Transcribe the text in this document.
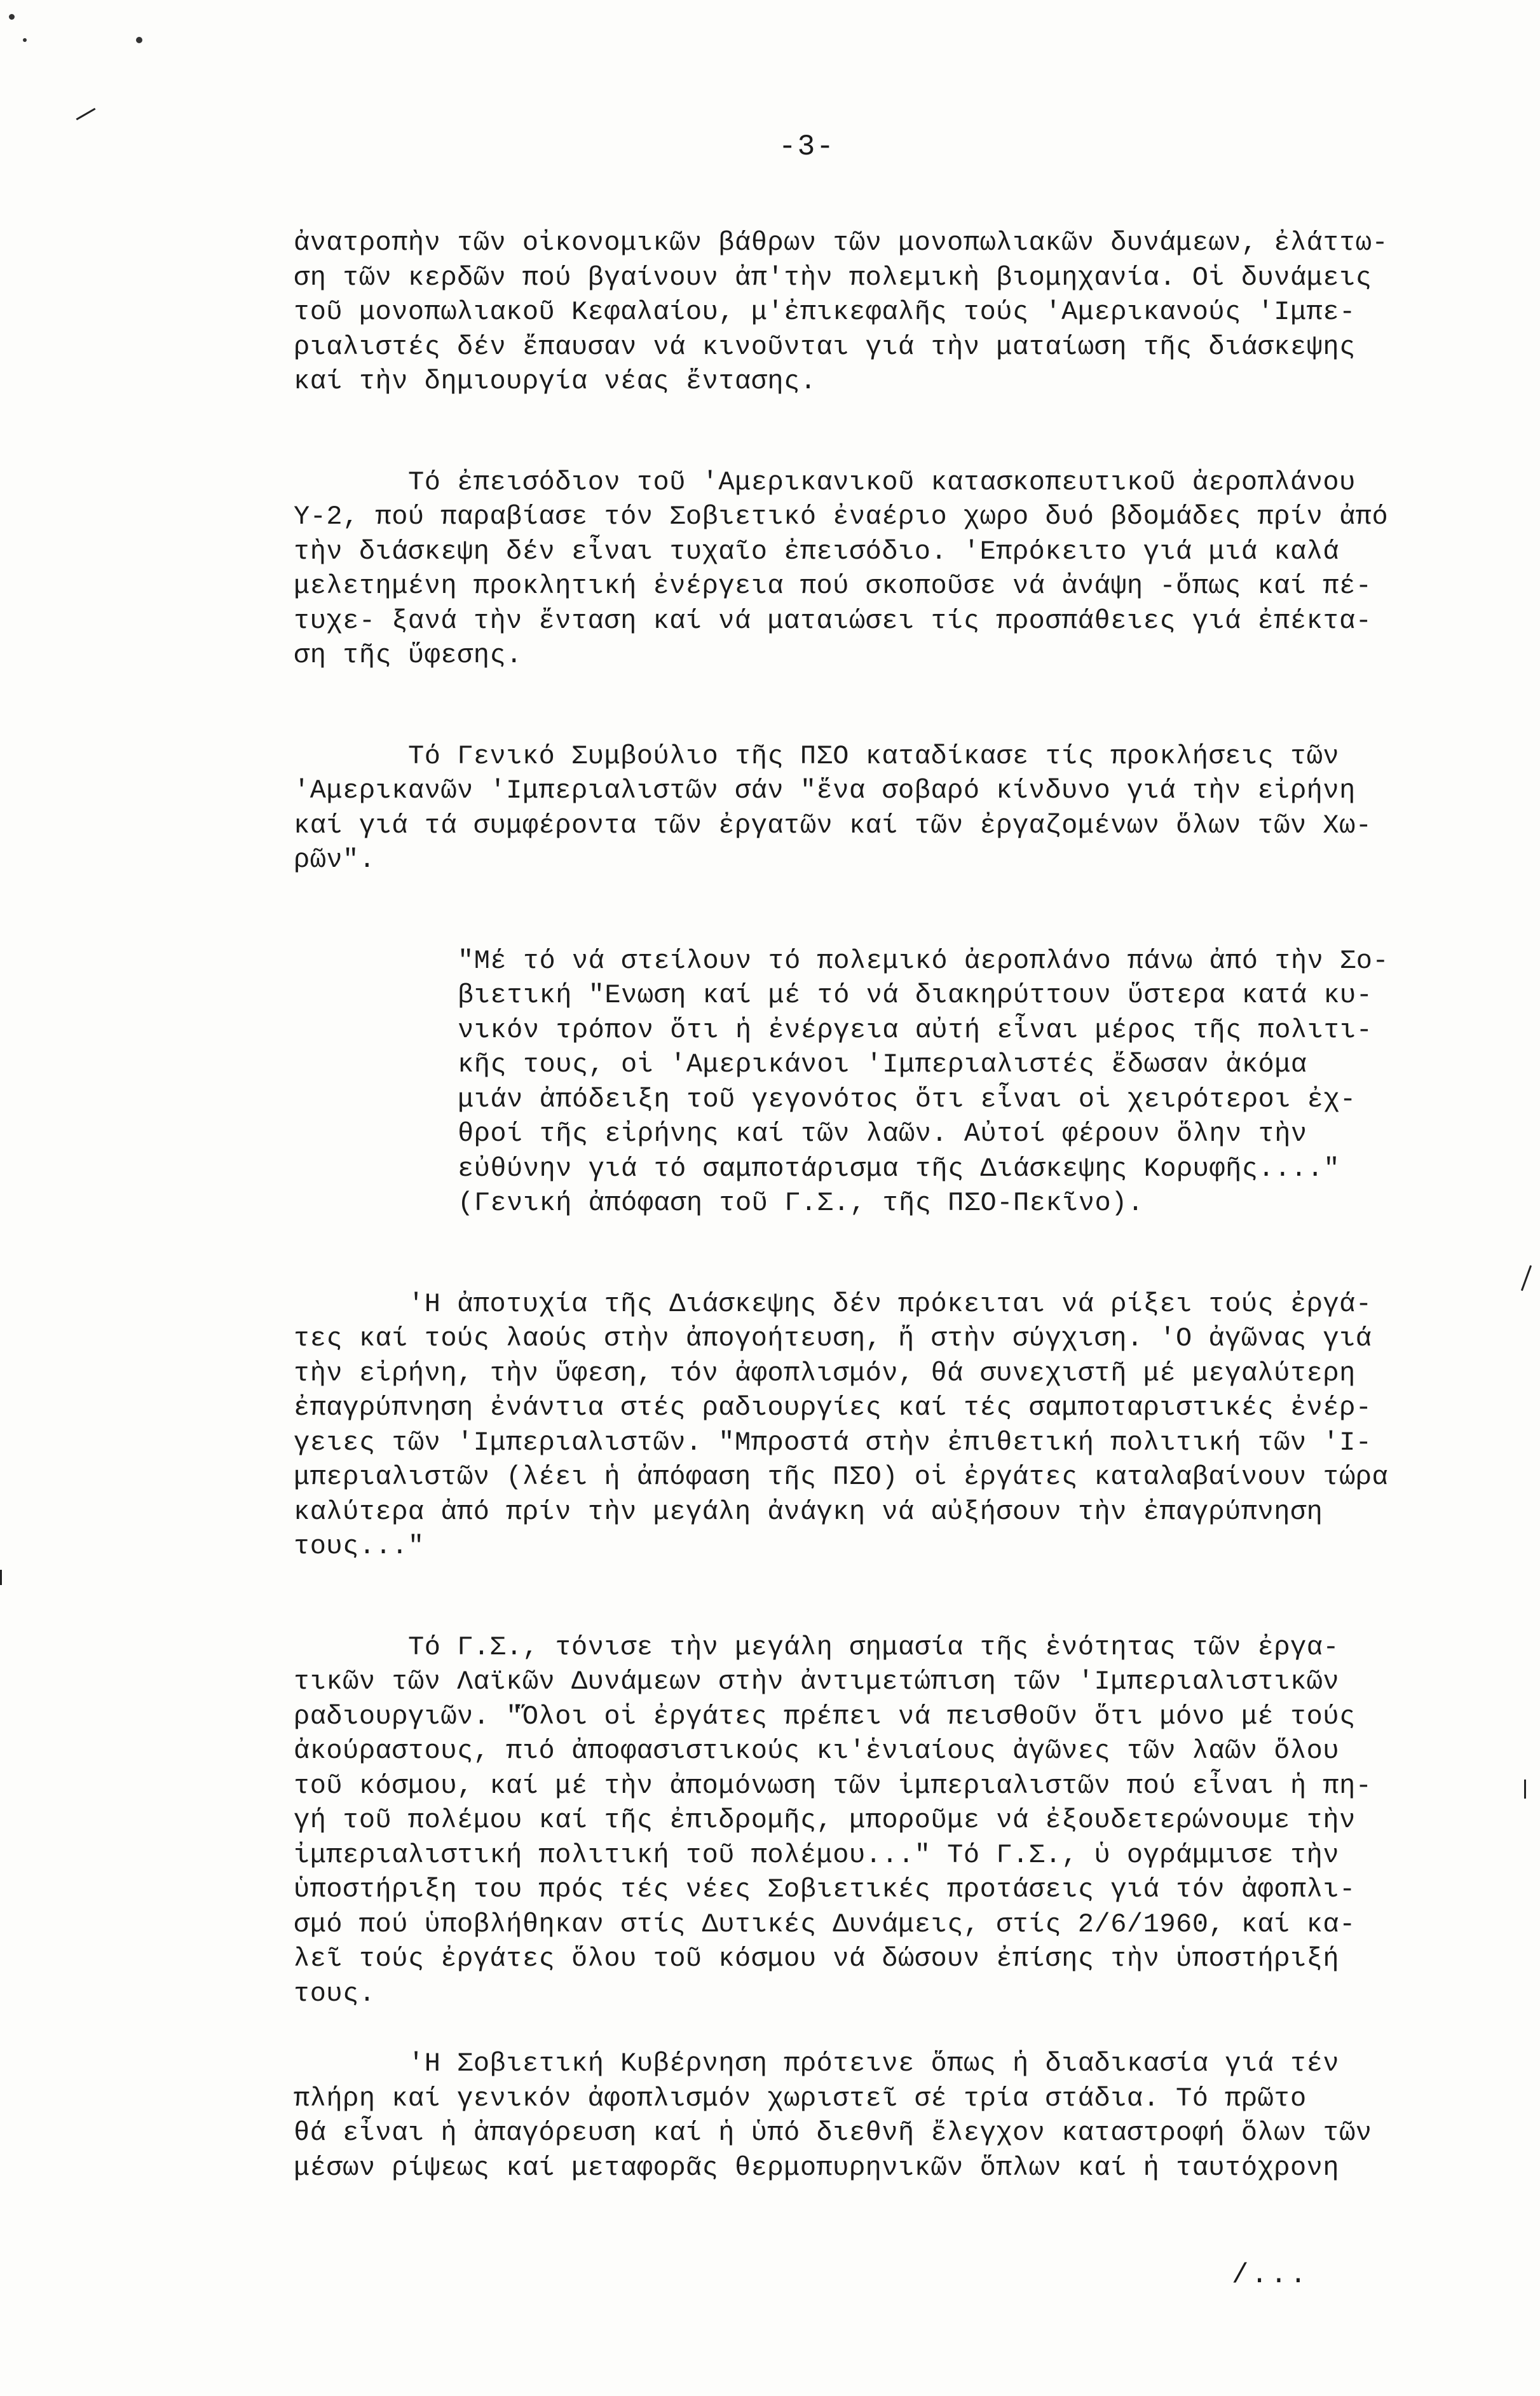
-3-
ἀνατροπὴν τῶν οἰκονομικῶν βάθρων τῶν μονοπωλιακῶν δυνάμεων, ἐλάττω-
ση τῶν κερδῶν πού βγαίνουν ἀπ'τὴν πολεμικὴ βιομηχανία. Οἱ δυνάμεις
τοῦ μονοπωλιακοῦ Κεφαλαίου, μ'ἐπικεφαλῆς τούς 'Αμερικανούς 'Ιμπε-
ριαλιστές δέν ἔπαυσαν νά κινοῦνται γιά τὴν ματαίωση τῆς διάσκεψης
καί τὴν δημιουργία νέας ἔντασης.
Τό ἐπεισόδιον τοῦ 'Αμερικανικοῦ κατασκοπευτικοῦ ἀεροπλάνου
Υ-2, πού παραβίασε τόν Σοβιετικό ἐναέριο χωρο δυό βδομάδες πρίν ἀπό
τὴν διάσκεψη δέν εἶναι τυχαῖο ἐπεισόδιο. 'Επρόκειτο γιά μιά καλά
μελετημένη προκλητική ἐνέργεια πού σκοποῦσε νά ἀνάψη -ὅπως καί πέ-
τυχε- ξανά τὴν ἔνταση καί νά ματαιώσει τίς προσπάθειες γιά ἐπέκτα-
ση τῆς ὕφεσης.
Τό Γενικό Συμβούλιο τῆς ΠΣΟ καταδίκασε τίς προκλήσεις τῶν
'Αμερικανῶν 'Ιμπεριαλιστῶν σάν "ἕνα σοβαρό κίνδυνο γιά τὴν εἰρήνη
καί γιά τά συμφέροντα τῶν ἐργατῶν καί τῶν ἐργαζομένων ὅλων τῶν Χω-
ρῶν".
"Μέ τό νά στείλουν τό πολεμικό ἀεροπλάνο πάνω ἀπό τὴν Σο-
βιετική "Ενωση καί μέ τό νά διακηρύττουν ὕστερα κατά κυ-
νικόν τρόπον ὅτι ἡ ἐνέργεια αὐτή εἶναι μέρος τῆς πολιτι-
κῆς τους, οἱ 'Αμερικάνοι 'Ιμπεριαλιστές ἔδωσαν ἀκόμα
μιάν ἀπόδειξη τοῦ γεγονότος ὅτι εἶναι οἱ χειρότεροι ἐχ-
θροί τῆς εἰρήνης καί τῶν λαῶν. Αὐτοί φέρουν ὅλην τὴν
εὐθύνην γιά τό σαμποτάρισμα τῆς Διάσκεψης Κορυφῆς...."
(Γενική ἀπόφαση τοῦ Γ.Σ., τῆς ΠΣΟ-Πεκῖνο).
'Η ἀποτυχία τῆς Διάσκεψης δέν πρόκειται νά ρίξει τούς ἐργά-
τες καί τούς λαούς στὴν ἀπογοήτευση, ἤ στὴν σύγχιση. 'Ο ἀγῶνας γιά
τὴν εἰρήνη, τὴν ὕφεση, τόν ἀφοπλισμόν, θά συνεχιστῆ μέ μεγαλύτερη
ἐπαγρύπνηση ἐνάντια στές ραδιουργίες καί τές σαμποταριστικές ἐνέρ-
γειες τῶν 'Ιμπεριαλιστῶν. "Μπροστά στὴν ἐπιθετική πολιτική τῶν 'Ι-
μπεριαλιστῶν (λέει ἡ ἀπόφαση τῆς ΠΣΟ) οἱ ἐργάτες καταλαβαίνουν τώρα
καλύτερα ἀπό πρίν τὴν μεγάλη ἀνάγκη νά αὐξήσουν τὴν ἐπαγρύπνηση
τους..."
Τό Γ.Σ., τόνισε τὴν μεγάλη σημασία τῆς ἑνότητας τῶν ἐργα-
τικῶν τῶν Λαϊκῶν Δυνάμεων στὴν ἀντιμετώπιση τῶν 'Ιμπεριαλιστικῶν
ραδιουργιῶν. "Ὅλοι οἱ ἐργάτες πρέπει νά πεισθοῦν ὅτι μόνο μέ τούς
ἀκούραστους, πιό ἀποφασιστικούς κι'ἑνιαίους ἀγῶνες τῶν λαῶν ὅλου
τοῦ κόσμου, καί μέ τὴν ἀπομόνωση τῶν ἰμπεριαλιστῶν πού εἶναι ἡ πη-
γή τοῦ πολέμου καί τῆς ἐπιδρομῆς, μποροῦμε νά ἐξουδετερώνουμε τὴν
ἰμπεριαλιστική πολιτική τοῦ πολέμου..." Τό Γ.Σ., ὑ ογράμμισε τὴν
ὑποστήριξη του πρός τές νέες Σοβιετικές προτάσεις γιά τόν ἀφοπλι-
σμό πού ὑποβλήθηκαν στίς Δυτικές Δυνάμεις, στίς 2/6/1960, καί κα-
λεῖ τούς ἐργάτες ὅλου τοῦ κόσμου νά δώσουν ἐπίσης τὴν ὑποστήριξή
τους.
'Η Σοβιετική Κυβέρνηση πρότεινε ὅπως ἡ διαδικασία γιά τέν
πλήρη καί γενικόν ἀφοπλισμόν χωριστεῖ σέ τρία στάδια. Τό πρῶτο
θά εἶναι ἡ ἀπαγόρευση καί ἡ ὑπό διεθνῆ ἔλεγχον καταστροφή ὅλων τῶν
μέσων ρίψεως καί μεταφορᾶς θερμοπυρηνικῶν ὅπλων καί ἡ ταυτόχρονη
/...
